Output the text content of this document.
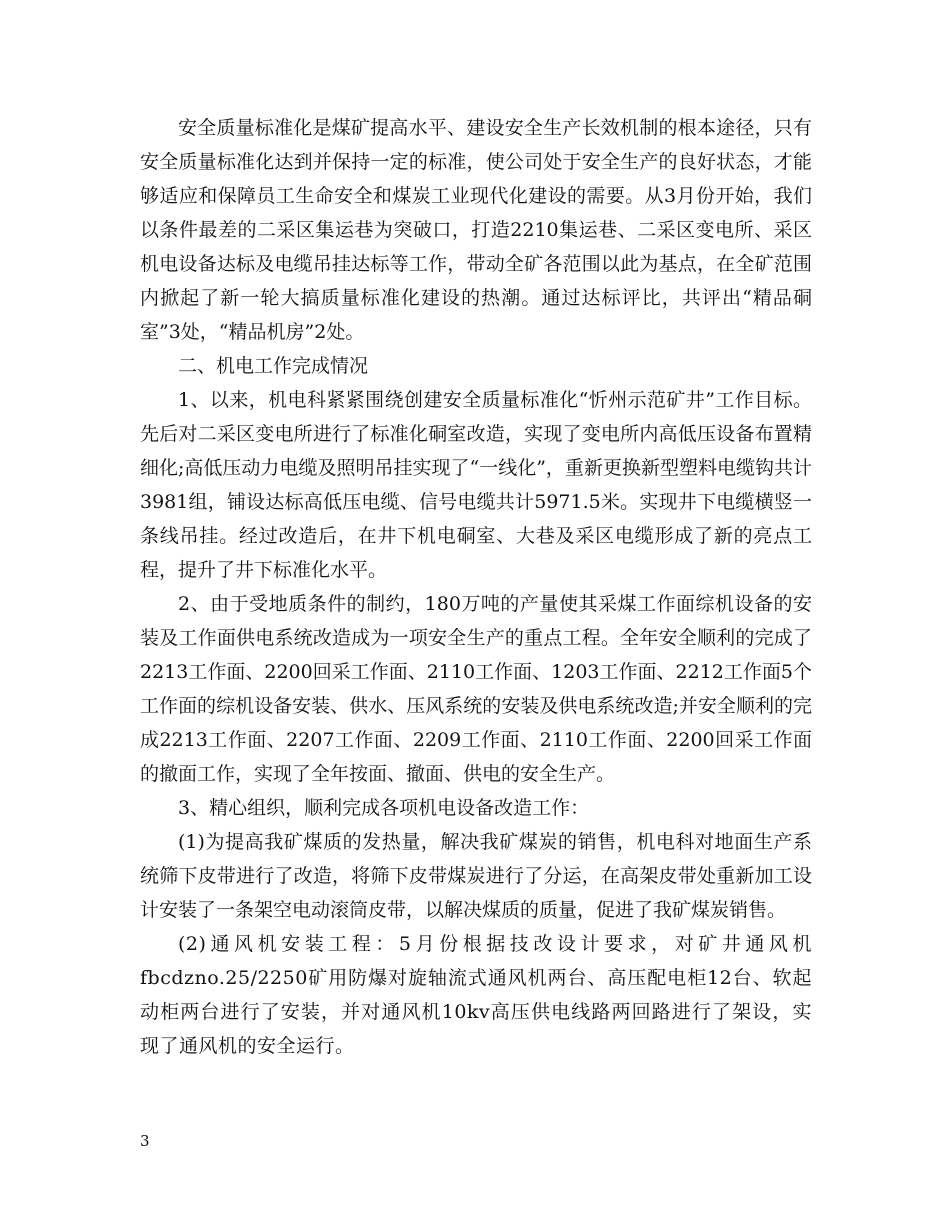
安全质量标准化是煤矿提高水平、建设安全生产长效机制的根本途径，只有安全质量标准化达到并保持一定的标准，使公司处于安全生产的良好状态，才能够适应和保障员工生命安全和煤炭工业现代化建设的需要。从3月份开始，我们以条件最差的二采区集运巷为突破口，打造2210集运巷、二采区变电所、采区机电设备达标及电缆吊挂达标等工作，带动全矿各范围以此为基点，在全矿范围内掀起了新一轮大搞质量标准化建设的热潮。通过达标评比，共评出“精品硐室”3处，“精品机房”2处。

二、机电工作完成情况

1、以来，机电科紧紧围绕创建安全质量标准化“忻州示范矿井”工作目标。先后对二采区变电所进行了标准化硐室改造，实现了变电所内高低压设备布置精细化;高低压动力电缆及照明吊挂实现了“一线化”，重新更换新型塑料电缆钩共计3981组，铺设达标高低压电缆、信号电缆共计5971.5米。实现井下电缆横竖一条线吊挂。经过改造后，在井下机电硐室、大巷及采区电缆形成了新的亮点工程，提升了井下标准化水平。

2、由于受地质条件的制约，180万吨的产量使其采煤工作面综机设备的安装及工作面供电系统改造成为一项安全生产的重点工程。全年安全顺利的完成了2213工作面、2200回采工作面、2110工作面、1203工作面、2212工作面5个工作面的综机设备安装、供水、压风系统的安装及供电系统改造;并安全顺利的完成2213工作面、2207工作面、2209工作面、2110工作面、2200回采工作面的撤面工作，实现了全年按面、撤面、供电的安全生产。

3、精心组织，顺利完成各项机电设备改造工作：

(1)为提高我矿煤质的发热量，解决我矿煤炭的销售，机电科对地面生产系统筛下皮带进行了改造，将筛下皮带煤炭进行了分运，在高架皮带处重新加工设计安装了一条架空电动滚筒皮带，以解决煤质的质量，促进了我矿煤炭销售。

(2)通风机安装工程：5月份根据技改设计要求，对矿井通风机fbcdzno.25/2250矿用防爆对旋轴流式通风机两台、高压配电柜12台、软起动柜两台进行了安装，并对通风机10kv高压供电线路两回路进行了架设，实现了通风机的安全运行。

3
